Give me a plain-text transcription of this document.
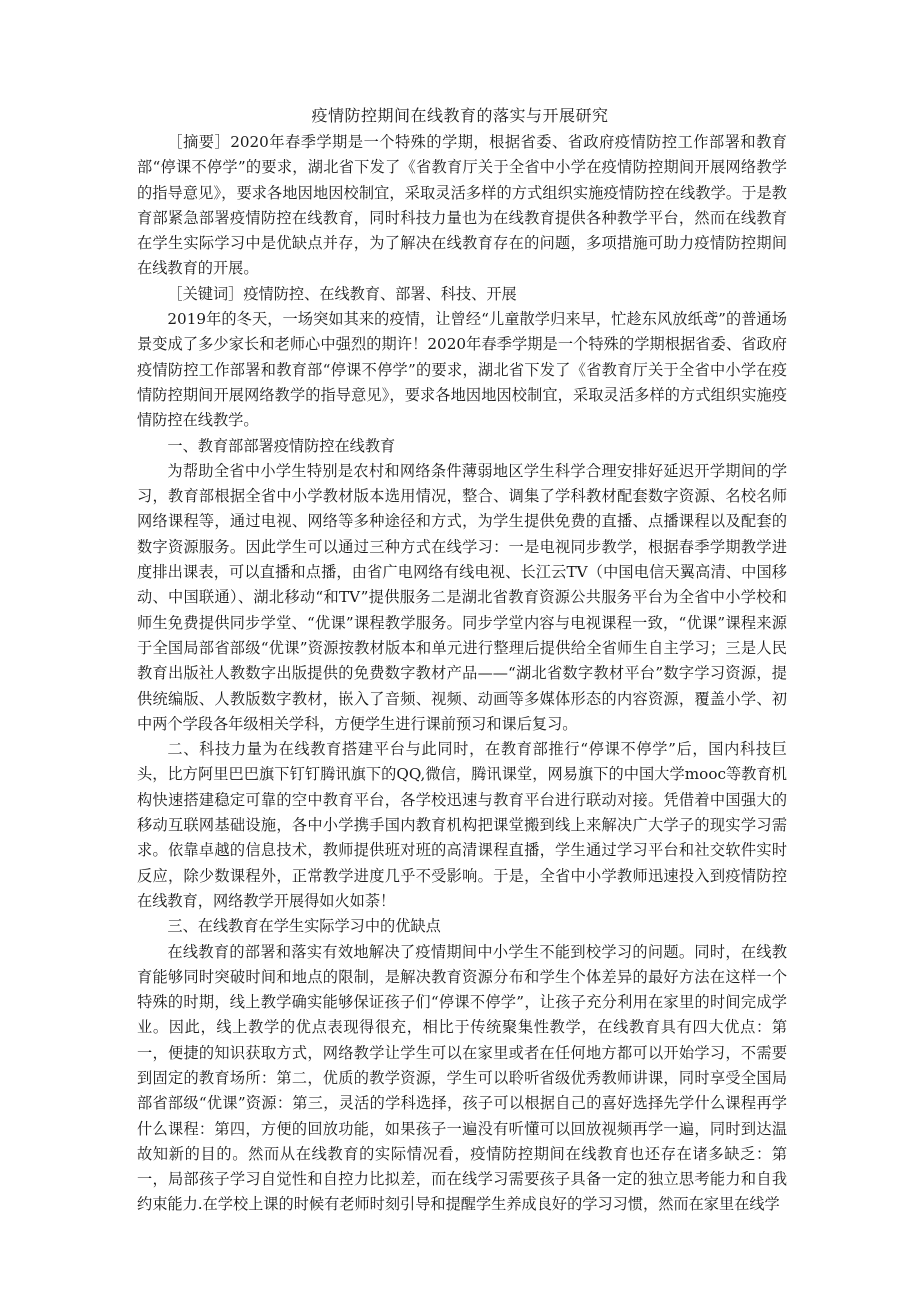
疫情防控期间在线教育的落实与开展研究

［摘要］2020年春季学期是一个特殊的学期，根据省委、省政府疫情防控工作部署和教育部“停课不停学”的要求，湖北省下发了《省教育厅关于全省中小学在疫情防控期间开展网络教学的指导意见》，要求各地因地因校制宜，采取灵活多样的方式组织实施疫情防控在线教学。于是教育部紧急部署疫情防控在线教育，同时科技力量也为在线教育提供各种教学平台，然而在线教育在学生实际学习中是优缺点并存，为了解决在线教育存在的问题，多项措施可助力疫情防控期间在线教育的开展。

［关键词］疫情防控、在线教育、部署、科技、开展

2019年的冬天，一场突如其来的疫情，让曾经“儿童散学归来早，忙趁东风放纸鸢”的普通场景变成了多少家长和老师心中强烈的期许！2020年春季学期是一个特殊的学期根据省委、省政府疫情防控工作部署和教育部“停课不停学”的要求，湖北省下发了《省教育厅关于全省中小学在疫情防控期间开展网络教学的指导意见》，要求各地因地因校制宜，采取灵活多样的方式组织实施疫情防控在线教学。

一、教育部部署疫情防控在线教育

为帮助全省中小学生特别是农村和网络条件薄弱地区学生科学合理安排好延迟开学期间的学习，教育部根据全省中小学教材版本选用情况，整合、调集了学科教材配套数字资源、名校名师网络课程等，通过电视、网络等多种途径和方式，为学生提供免费的直播、点播课程以及配套的数字资源服务。因此学生可以通过三种方式在线学习：一是电视同步教学，根据春季学期教学进度排出课表，可以直播和点播，由省广电网络有线电视、长江云TV（中国电信天翼高清、中国移动、中国联通）、湖北移动“和TV”提供服务二是湖北省教育资源公共服务平台为全省中小学校和师生免费提供同步学堂、“优课”课程教学服务。同步学堂内容与电视课程一致，“优课”课程来源于全国局部省部级“优课”资源按教材版本和单元进行整理后提供给全省师生自主学习；三是人民教育出版社人教数字出版提供的免费数字教材产品——“湖北省数字教材平台”数字学习资源，提供统编版、人教版数字教材，嵌入了音频、视频、动画等多媒体形态的内容资源，覆盖小学、初中两个学段各年级相关学科，方便学生进行课前预习和课后复习。

二、科技力量为在线教育搭建平台与此同时，在教育部推行“停课不停学”后，国内科技巨头，比方阿里巴巴旗下钉钉腾讯旗下的QQ,微信，腾讯课堂，网易旗下的中国大学mooc等教育机构快速搭建稳定可靠的空中教育平台，各学校迅速与教育平台进行联动对接。凭借着中国强大的移动互联网基础设施，各中小学携手国内教育机构把课堂搬到线上来解决广大学子的现实学习需求。依靠卓越的信息技术，教师提供班对班的高清课程直播，学生通过学习平台和社交软件实时反应，除少数课程外，正常教学进度几乎不受影响。于是，全省中小学教师迅速投入到疫情防控在线教育，网络教学开展得如火如荼！

三、在线教育在学生实际学习中的优缺点

在线教育的部署和落实有效地解决了疫情期间中小学生不能到校学习的问题。同时，在线教育能够同时突破时间和地点的限制，是解决教育资源分布和学生个体差异的最好方法在这样一个特殊的时期，线上教学确实能够保证孩子们“停课不停学”，让孩子充分利用在家里的时间完成学业。因此，线上教学的优点表现得很充，相比于传统聚集性教学，在线教育具有四大优点：第一，便捷的知识获取方式，网络教学让学生可以在家里或者在任何地方都可以开始学习，不需要到固定的教育场所：第二，优质的教学资源，学生可以聆听省级优秀教师讲课，同时享受全国局部省部级“优课”资源：第三，灵活的学科选择，孩子可以根据自己的喜好选择先学什么课程再学什么课程：第四，方便的回放功能，如果孩子一遍没有听懂可以回放视频再学一遍，同时到达温故知新的目的。然而从在线教育的实际情况看，疫情防控期间在线教育也还存在诸多缺乏：第一，局部孩子学习自觉性和自控力比拟差，而在线学习需要孩子具备一定的独立思考能力和自我约束能力.在学校上课的时候有老师时刻引导和提醒学生养成良好的学习习惯，然而在家里在线学
